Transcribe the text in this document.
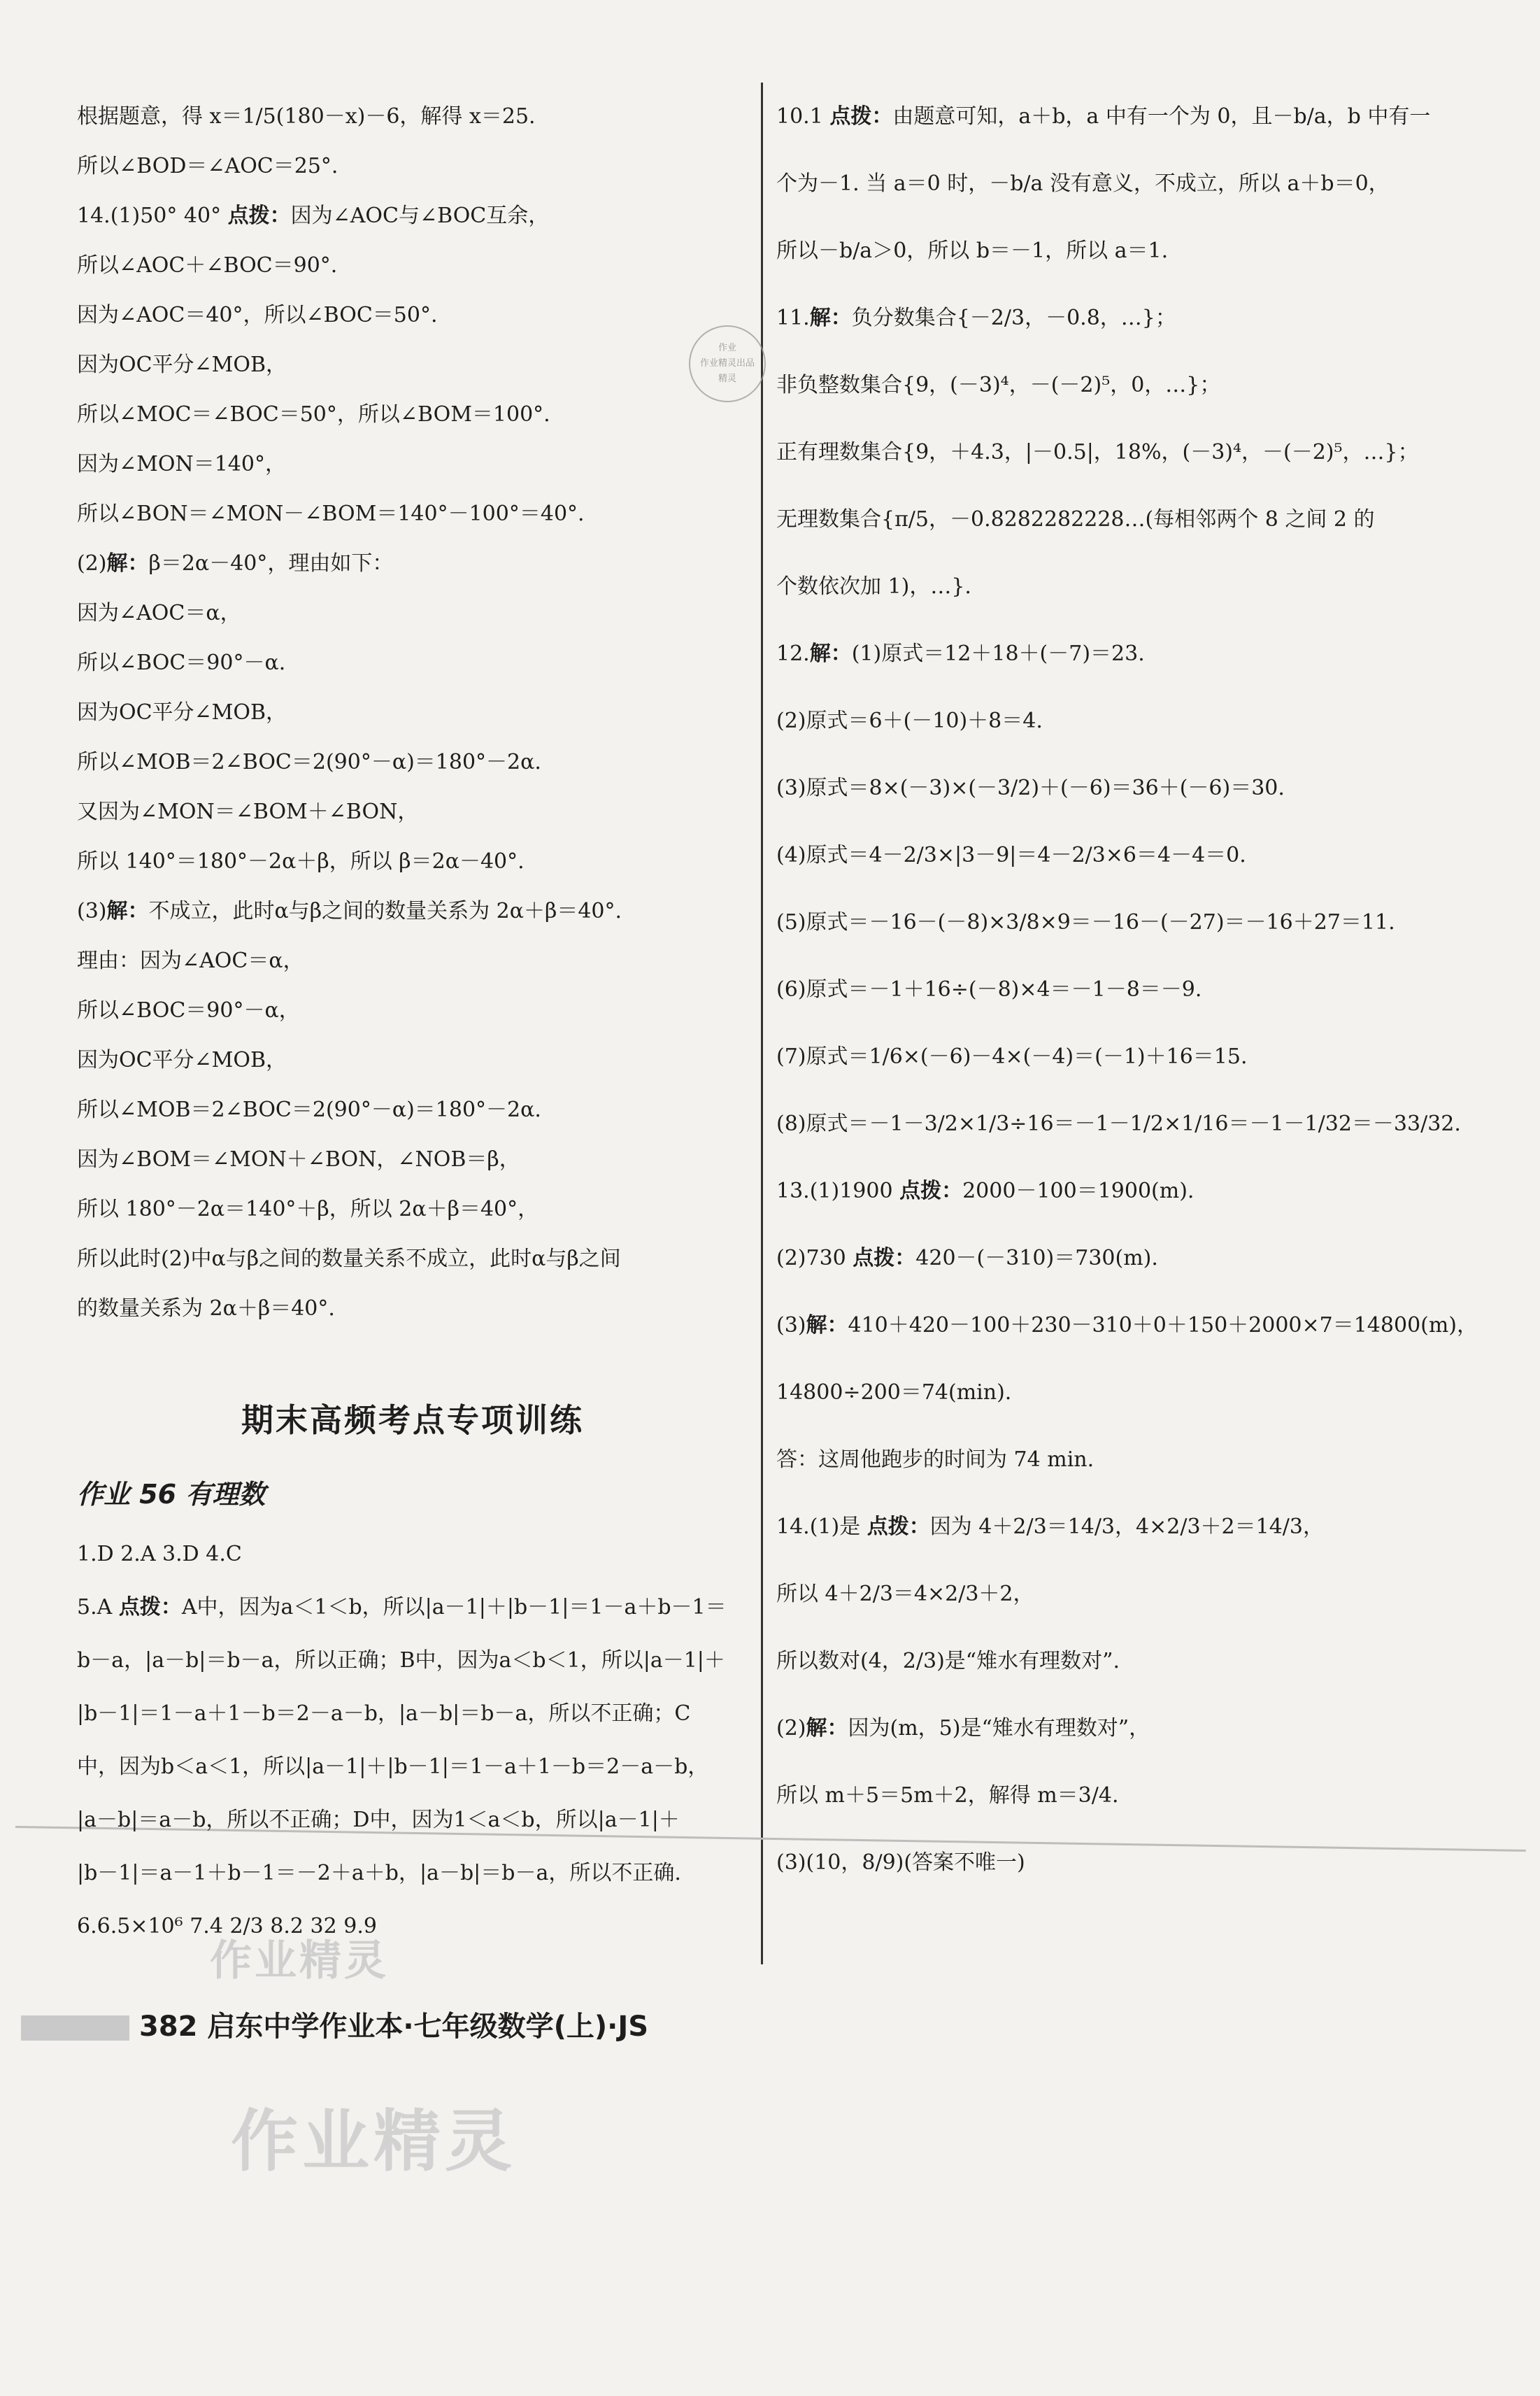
根据题意，得 x＝1/5(180－x)－6，解得 x＝25.
所以∠BOD＝∠AOC＝25°.
14.(1)50° 40° 点拨：因为∠AOC与∠BOC互余，
所以∠AOC＋∠BOC＝90°.
因为∠AOC＝40°，所以∠BOC＝50°.
因为OC平分∠MOB，
所以∠MOC＝∠BOC＝50°，所以∠BOM＝100°.
因为∠MON＝140°，
所以∠BON＝∠MON－∠BOM＝140°－100°＝40°.
(2)解：β＝2α－40°，理由如下：
因为∠AOC＝α，
所以∠BOC＝90°－α.
因为OC平分∠MOB，
所以∠MOB＝2∠BOC＝2(90°－α)＝180°－2α.
又因为∠MON＝∠BOM＋∠BON，
所以 140°＝180°－2α＋β，所以 β＝2α－40°.
(3)解：不成立，此时α与β之间的数量关系为 2α＋β＝40°.
理由：因为∠AOC＝α，
所以∠BOC＝90°－α，
因为OC平分∠MOB，
所以∠MOB＝2∠BOC＝2(90°－α)＝180°－2α.
因为∠BOM＝∠MON＋∠BON，∠NOB＝β，
所以 180°－2α＝140°＋β，所以 2α＋β＝40°，
所以此时(2)中α与β之间的数量关系不成立，此时α与β之间
的数量关系为 2α＋β＝40°.
1.D 2.A 3.D 4.C
5.A 点拨：A中，因为a＜1＜b，所以|a－1|＋|b－1|＝1－a＋b－1＝
b－a，|a－b|＝b－a，所以正确；B中，因为a＜b＜1，所以|a－1|＋
|b－1|＝1－a＋1－b＝2－a－b，|a－b|＝b－a，所以不正确；C
中，因为b＜a＜1，所以|a－1|＋|b－1|＝1－a＋1－b＝2－a－b，
|a－b|＝a－b，所以不正确；D中，因为1＜a＜b，所以|a－1|＋
|b－1|＝a－1＋b－1＝－2＋a＋b，|a－b|＝b－a，所以不正确.
6.6.5×10⁶ 7.4 2/3 8.2 32 9.9
10.1 点拨：由题意可知，a＋b，a 中有一个为 0，且－b/a，b 中有一
个为－1. 当 a＝0 时，－b/a 没有意义，不成立，所以 a＋b＝0，
所以－b/a＞0，所以 b＝－1，所以 a＝1.
11.解：负分数集合{－2/3，－0.8，…}；
非负整数集合{9，(－3)⁴，－(－2)⁵，0，…}；
正有理数集合{9，＋4.3，|－0.5|，18%，(－3)⁴，－(－2)⁵，…}；
无理数集合{π/5，－0.8282282228…(每相邻两个 8 之间 2 的
个数依次加 1)，…}.
12.解：(1)原式＝12＋18＋(－7)＝23.
(2)原式＝6＋(－10)＋8＝4.
(3)原式＝8×(－3)×(－3/2)＋(－6)＝36＋(－6)＝30.
(4)原式＝4－2/3×|3－9|＝4－2/3×6＝4－4＝0.
(5)原式＝－16－(－8)×3/8×9＝－16－(－27)＝－16＋27＝11.
(6)原式＝－1＋16÷(－8)×4＝－1－8＝－9.
(7)原式＝1/6×(－6)－4×(－4)＝(－1)＋16＝15.
(8)原式＝－1－3/2×1/3÷16＝－1－1/2×1/16＝－1－1/32＝－33/32.
13.(1)1900 点拨：2000－100＝1900(m).
(2)730 点拨：420－(－310)＝730(m).
(3)解：410＋420－100＋230－310＋0＋150＋2000×7＝14800(m)，
14800÷200＝74(min).
答：这周他跑步的时间为 74 min.
14.(1)是 点拨：因为 4＋2/3＝14/3，4×2/3＋2＝14/3，
所以 4＋2/3＝4×2/3＋2，
所以数对(4，2/3)是“雉水有理数对”.
(2)解：因为(m，5)是“雉水有理数对”，
所以 m＋5＝5m＋2，解得 m＝3/4.
(3)(10，8/9)(答案不唯一)
期末高频考点专项训练
作业 56 有理数
作业
作业精灵出品
精灵
作业精灵
作业精灵
382 启东中学作业本·七年级数学(上)·JS
